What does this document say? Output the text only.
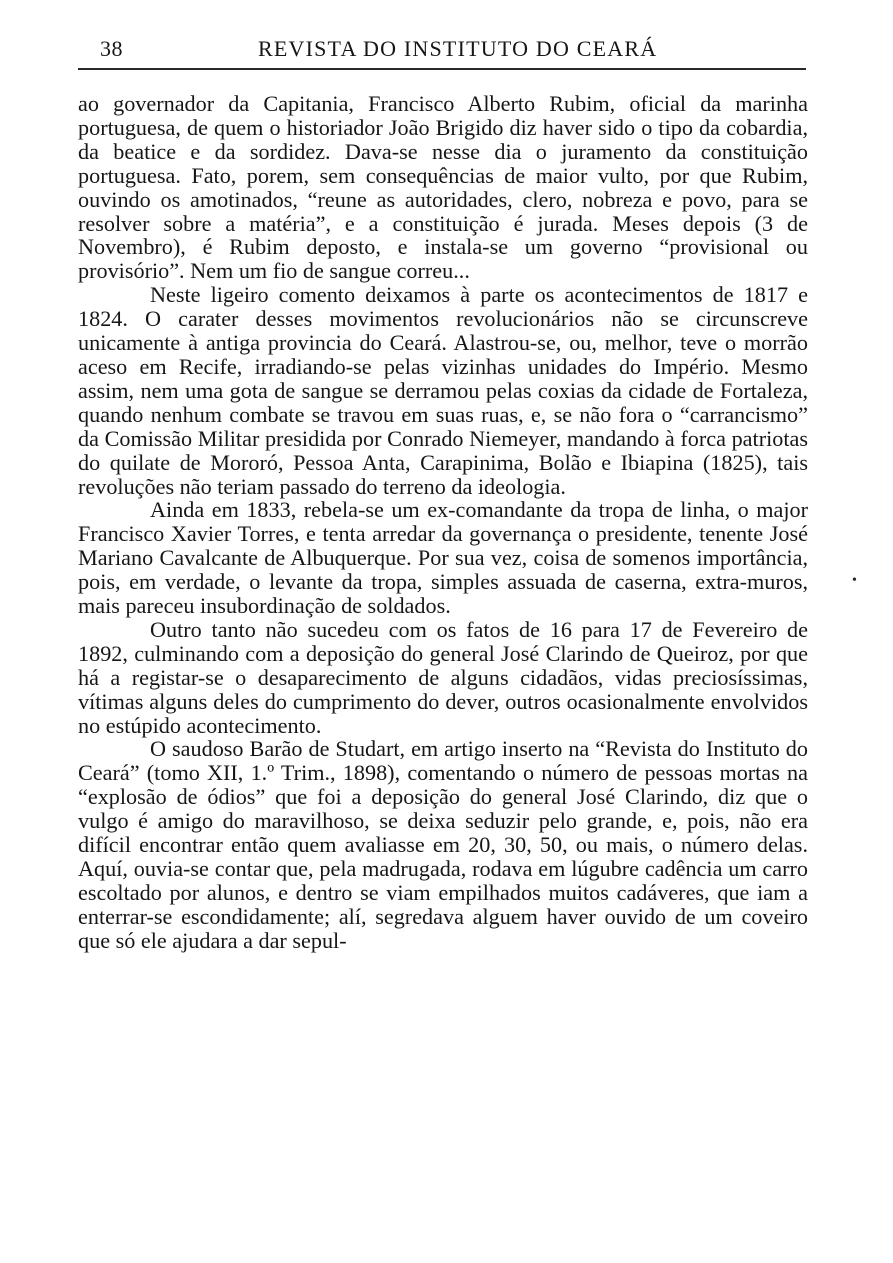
38	REVISTA DO INSTITUTO DO CEARÁ

ao governador da Capitania, Francisco Alberto Rubim, oficial da marinha portuguesa, de quem o historiador João Brigido diz haver sido o tipo da cobardia, da beatice e da sordidez. Dava-se nesse dia o juramento da constituição portuguesa. Fato, porem, sem consequências de maior vulto, por que Rubim, ouvindo os amotinados, “reune as autoridades, clero, nobreza e povo, para se resolver sobre a matéria”, e a constituição é jurada. Meses depois (3 de Novembro), é Rubim deposto, e instala-se um governo “provisional ou provisório”. Nem um fio de sangue correu...

Neste ligeiro comento deixamos à parte os acontecimentos de 1817 e 1824. O carater desses movimentos revolucionários não se circunscreve unicamente à antiga provincia do Ceará. Alastrou-se, ou, melhor, teve o morrão aceso em Recife, irradiando-se pelas vizinhas unidades do Império. Mesmo assim, nem uma gota de sangue se derramou pelas coxias da cidade de Fortaleza, quando nenhum combate se travou em suas ruas, e, se não fora o “carrancismo” da Comissão Militar presidida por Conrado Niemeyer, mandando à forca patriotas do quilate de Mororó, Pessoa Anta, Carapinima, Bolão e Ibiapina (1825), tais revoluções não teriam passado do terreno da ideologia.

Ainda em 1833, rebela-se um ex-comandante da tropa de linha, o major Francisco Xavier Torres, e tenta arredar da governança o presidente, tenente José Mariano Cavalcante de Albuquerque. Por sua vez, coisa de somenos importância, pois, em verdade, o levante da tropa, simples assuada de caserna, extra-muros, mais pareceu insubordinação de soldados.

Outro tanto não sucedeu com os fatos de 16 para 17 de Fevereiro de 1892, culminando com a deposição do general José Clarindo de Queiroz, por que há a registar-se o desaparecimento de alguns cidadãos, vidas preciosíssimas, vítimas alguns deles do cumprimento do dever, outros ocasionalmente envolvidos no estúpido acontecimento.

O saudoso Barão de Studart, em artigo inserto na “Revista do Instituto do Ceará” (tomo XII, 1.º Trim., 1898), comentando o número de pessoas mortas na “explosão de ódios” que foi a deposição do general José Clarindo, diz que o vulgo é amigo do maravilhoso, se deixa seduzir pelo grande, e, pois, não era difícil encontrar então quem avaliasse em 20, 30, 50, ou mais, o número delas. Aquí, ouvia-se contar que, pela madrugada, rodava em lúgubre cadência um carro escoltado por alunos, e dentro se viam empilhados muitos cadáveres, que iam a enterrar-se escondidamente; alí, segredava alguem haver ouvido de um coveiro que só ele ajudara a dar sepul-

•
